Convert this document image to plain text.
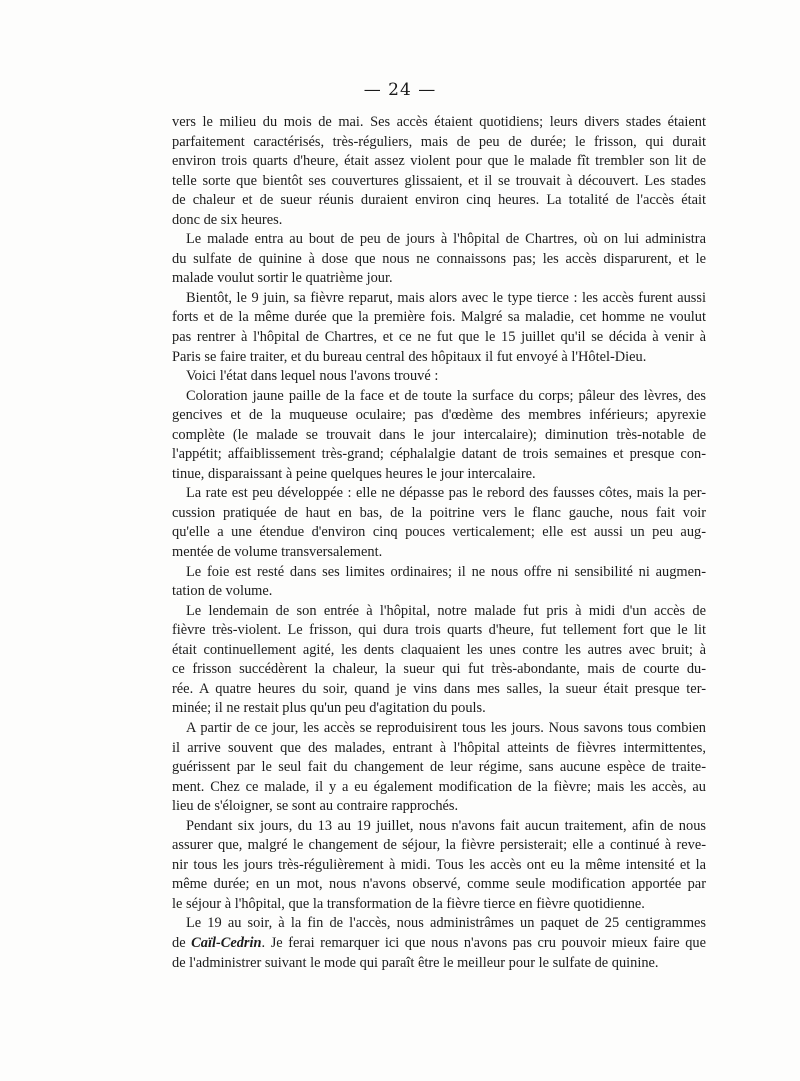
— 24 —
vers le milieu du mois de mai. Ses accès étaient quotidiens; leurs divers stades étaient
parfaitement caractérisés, très-réguliers, mais de peu de durée; le frisson, qui durait
environ trois quarts d'heure, était assez violent pour que le malade fît trembler son lit de
telle sorte que bientôt ses couvertures glissaient, et il se trouvait à découvert. Les stades
de chaleur et de sueur réunis duraient environ cinq heures. La totalité de l'accès était
donc de six heures.
Le malade entra au bout de peu de jours à l'hôpital de Chartres, où on lui administra
du sulfate de quinine à dose que nous ne connaissons pas; les accès disparurent, et le
malade voulut sortir le quatrième jour.
Bientôt, le 9 juin, sa fièvre reparut, mais alors avec le type tierce : les accès furent aussi
forts et de la même durée que la première fois. Malgré sa maladie, cet homme ne voulut
pas rentrer à l'hôpital de Chartres, et ce ne fut que le 15 juillet qu'il se décida à venir à
Paris se faire traiter, et du bureau central des hôpitaux il fut envoyé à l'Hôtel-Dieu.
Voici l'état dans lequel nous l'avons trouvé :
Coloration jaune paille de la face et de toute la surface du corps; pâleur des lèvres, des
gencives et de la muqueuse oculaire; pas d'œdème des membres inférieurs; apyrexie
complète (le malade se trouvait dans le jour intercalaire); diminution très-notable de
l'appétit; affaiblissement très-grand; céphalalgie datant de trois semaines et presque con-
tinue, disparaissant à peine quelques heures le jour intercalaire.
La rate est peu développée : elle ne dépasse pas le rebord des fausses côtes, mais la per-
cussion pratiquée de haut en bas, de la poitrine vers le flanc gauche, nous fait voir
qu'elle a une étendue d'environ cinq pouces verticalement; elle est aussi un peu aug-
mentée de volume transversalement.
Le foie est resté dans ses limites ordinaires; il ne nous offre ni sensibilité ni augmen-
tation de volume.
Le lendemain de son entrée à l'hôpital, notre malade fut pris à midi d'un accès de
fièvre très-violent. Le frisson, qui dura trois quarts d'heure, fut tellement fort que le lit
était continuellement agité, les dents claquaient les unes contre les autres avec bruit; à
ce frisson succédèrent la chaleur, la sueur qui fut très-abondante, mais de courte du-
rée. A quatre heures du soir, quand je vins dans mes salles, la sueur était presque ter-
minée; il ne restait plus qu'un peu d'agitation du pouls.
A partir de ce jour, les accès se reproduisirent tous les jours. Nous savons tous combien
il arrive souvent que des malades, entrant à l'hôpital atteints de fièvres intermittentes,
guérissent par le seul fait du changement de leur régime, sans aucune espèce de traite-
ment. Chez ce malade, il y a eu également modification de la fièvre; mais les accès, au
lieu de s'éloigner, se sont au contraire rapprochés.
Pendant six jours, du 13 au 19 juillet, nous n'avons fait aucun traitement, afin de nous
assurer que, malgré le changement de séjour, la fièvre persisterait; elle a continué à reve-
nir tous les jours très-régulièrement à midi. Tous les accès ont eu la même intensité et la
même durée; en un mot, nous n'avons observé, comme seule modification apportée par
le séjour à l'hôpital, que la transformation de la fièvre tierce en fièvre quotidienne.
Le 19 au soir, à la fin de l'accès, nous administrâmes un paquet de 25 centigrammes
de Caïl-Cedrin. Je ferai remarquer ici que nous n'avons pas cru pouvoir mieux faire que
de l'administrer suivant le mode qui paraît être le meilleur pour le sulfate de quinine.
